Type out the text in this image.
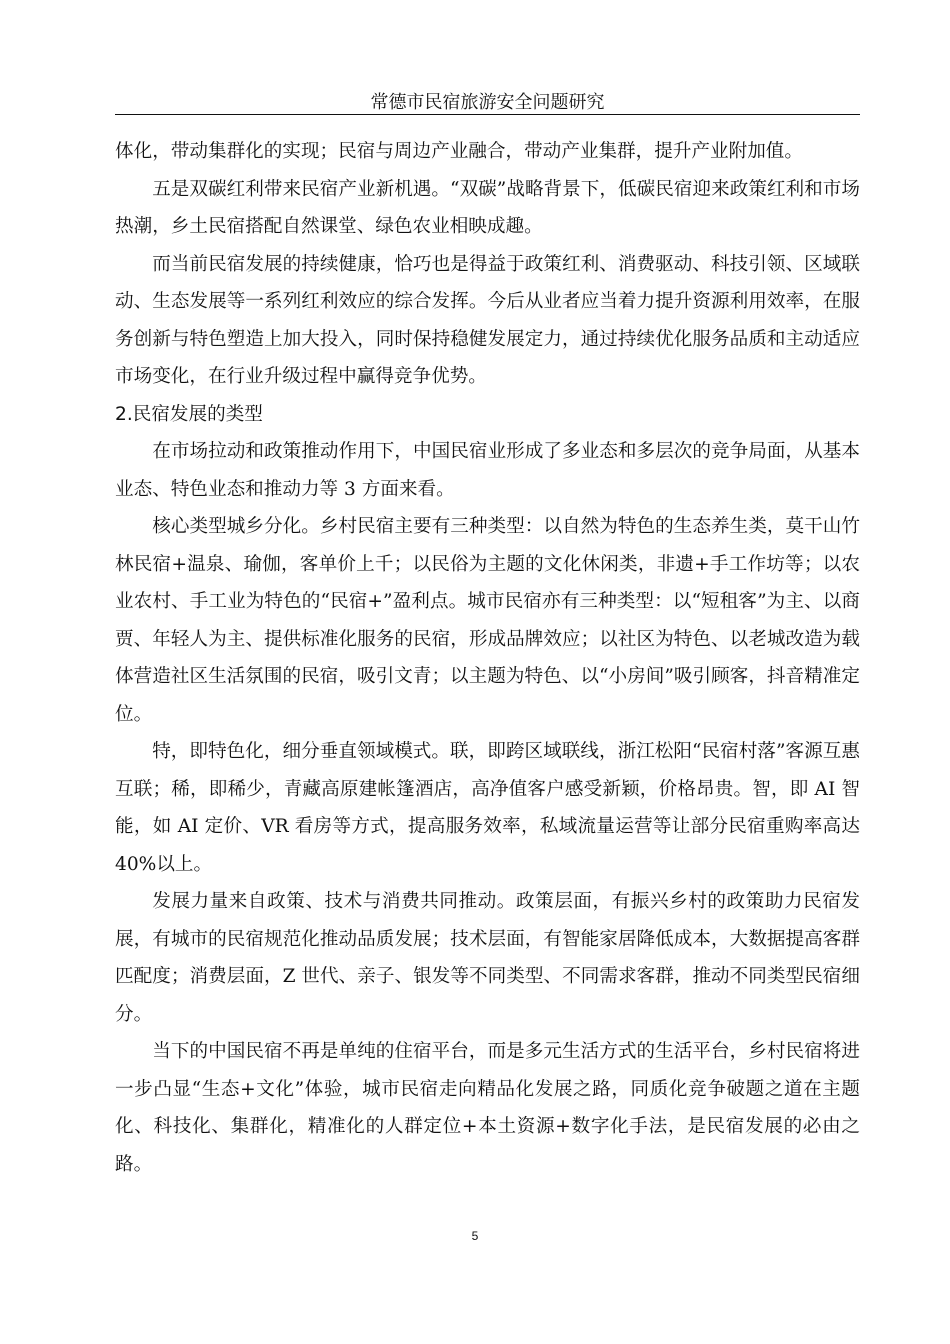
常德市民宿旅游安全问题研究

体化，带动集群化的实现；民宿与周边产业融合，带动产业集群，提升产业附加值。

五是双碳红利带来民宿产业新机遇。“双碳”战略背景下，低碳民宿迎来政策红利和市场热潮，乡土民宿搭配自然课堂、绿色农业相映成趣。

而当前民宿发展的持续健康，恰巧也是得益于政策红利、消费驱动、科技引领、区域联动、生态发展等一系列红利效应的综合发挥。今后从业者应当着力提升资源利用效率，在服务创新与特色塑造上加大投入，同时保持稳健发展定力，通过持续优化服务品质和主动适应市场变化，在行业升级过程中赢得竞争优势。

2.民宿发展的类型

在市场拉动和政策推动作用下，中国民宿业形成了多业态和多层次的竞争局面，从基本业态、特色业态和推动力等 3 方面来看。

核心类型城乡分化。乡村民宿主要有三种类型：以自然为特色的生态养生类，莫干山竹林民宿+温泉、瑜伽，客单价上千；以民俗为主题的文化休闲类，非遗+手工作坊等；以农业农村、手工业为特色的“民宿+”盈利点。城市民宿亦有三种类型：以“短租客”为主、以商贾、年轻人为主、提供标准化服务的民宿，形成品牌效应；以社区为特色、以老城改造为载体营造社区生活氛围的民宿，吸引文青；以主题为特色、以“小房间”吸引顾客，抖音精准定位。

特，即特色化，细分垂直领域模式。联，即跨区域联线，浙江松阳“民宿村落”客源互惠互联；稀，即稀少，青藏高原建帐篷酒店，高净值客户感受新颖，价格昂贵。智，即 AI 智能，如 AI 定价、VR 看房等方式，提高服务效率，私域流量运营等让部分民宿重购率高达 40%以上。

发展力量来自政策、技术与消费共同推动。政策层面，有振兴乡村的政策助力民宿发展，有城市的民宿规范化推动品质发展；技术层面，有智能家居降低成本，大数据提高客群匹配度；消费层面，Z 世代、亲子、银发等不同类型、不同需求客群，推动不同类型民宿细分。

当下的中国民宿不再是单纯的住宿平台，而是多元生活方式的生活平台，乡村民宿将进一步凸显“生态+文化”体验，城市民宿走向精品化发展之路，同质化竞争破题之道在主题化、科技化、集群化，精准化的人群定位+本土资源+数字化手法，是民宿发展的必由之路。

5
